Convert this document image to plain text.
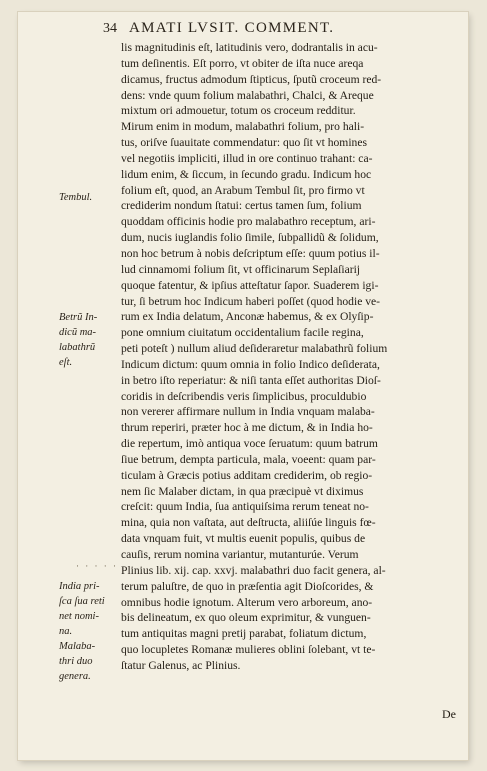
34 AMATI LVSIT. COMMENT.
lis magnitudinis eſt, latitudinis vero, dodrantalis in acu-
tum deſinentis. Eſt porro, vt obiter de iſta nuce areqa
dicamus, fructus admodum ſtipticus, ſputũ croceum red-
dens: vnde quum folium malabathri, Chalci, & Areque
mixtum ori admouetur, totum os croceum redditur.
Mirum enim in modum, malabathri folium, pro hali-
tus, oriſve ſuauitate commendatur: quo ſit vt homines
vel negotiis impliciti, illud in ore continuo trahant: ca-
lidum enim, & ſiccum, in ſecundo gradu. Indicum hoc
folium eſt, quod, an Arabum Tembul ſit, pro firmo vt
crediderim nondum ſtatui: certus tamen ſum, folium
quoddam officinis hodie pro malabathro receptum, ari-
dum, nucis iuglandis folio ſimile, ſubpallidũ & ſolidum,
non hoc betrum à nobis deſcriptum eſſe: quum potius il-
lud cinnamomi folium ſit, vt officinarum Seplaſiarij
quoque fatentur, & ipſius atteſtatur ſapor. Suaderem igi-
tur, ſi betrum hoc Indicum haberi poſſet (quod hodie ve-
rum ex India delatum, Anconæ habemus, & ex Olyſip-
pone omnium ciuitatum occidentalium facile regina,
peti poteſt ) nullum aliud deſideraretur malabathrũ folium
Indicum dictum: quum omnia in folio Indico deſiderata,
in betro iſto reperiatur: & niſi tanta eſſet authoritas Dioſ-
coridis in deſcribendis veris ſimplicibus, proculdubio
non vererer affirmare nullum in India vnquam malaba-
thrum reperiri, præter hoc à me dictum, & in India ho-
die repertum, imò antiqua voce ſeruatum: quum batrum
ſiue betrum, dempta particula, mala, voeent: quam par-
ticulam à Græcis potius additam crediderim, ob regio-
nem ſic Malaber dictam, in qua præcipuè vt diximus
creſcit: quum India, ſua antiquiſsima rerum teneat no-
mina, quia non vaſtata, aut deſtructa, aliiſúe linguis fœ-
data vnquam fuit, vt multis euenit populis, quibus de
cauſis, rerum nomina variantur, mutanturúe. Verum
Plinius lib. xij. cap. xxvj. malabathri duo facit genera, al-
terum paluſtre, de quo in præſentia agit Dioſcorides, &
omnibus hodie ignotum. Alterum vero arboreum, ano-
bis delineatum, ex quo oleum exprimitur, & vunguen-
tum antiquitas magni pretij parabat, foliatum dictum,
quo locupletes Romanæ mulieres oblini ſolebant, vt te-
ſtatur Galenus, ac Plinius.
Tembul.
Betrũ In-
dicũ ma-
labathrũ
eſt.
· · · · ·
India pri-
ſca ſua reti
net nomi-
na.
Malaba-
thri duo
genera.
De
